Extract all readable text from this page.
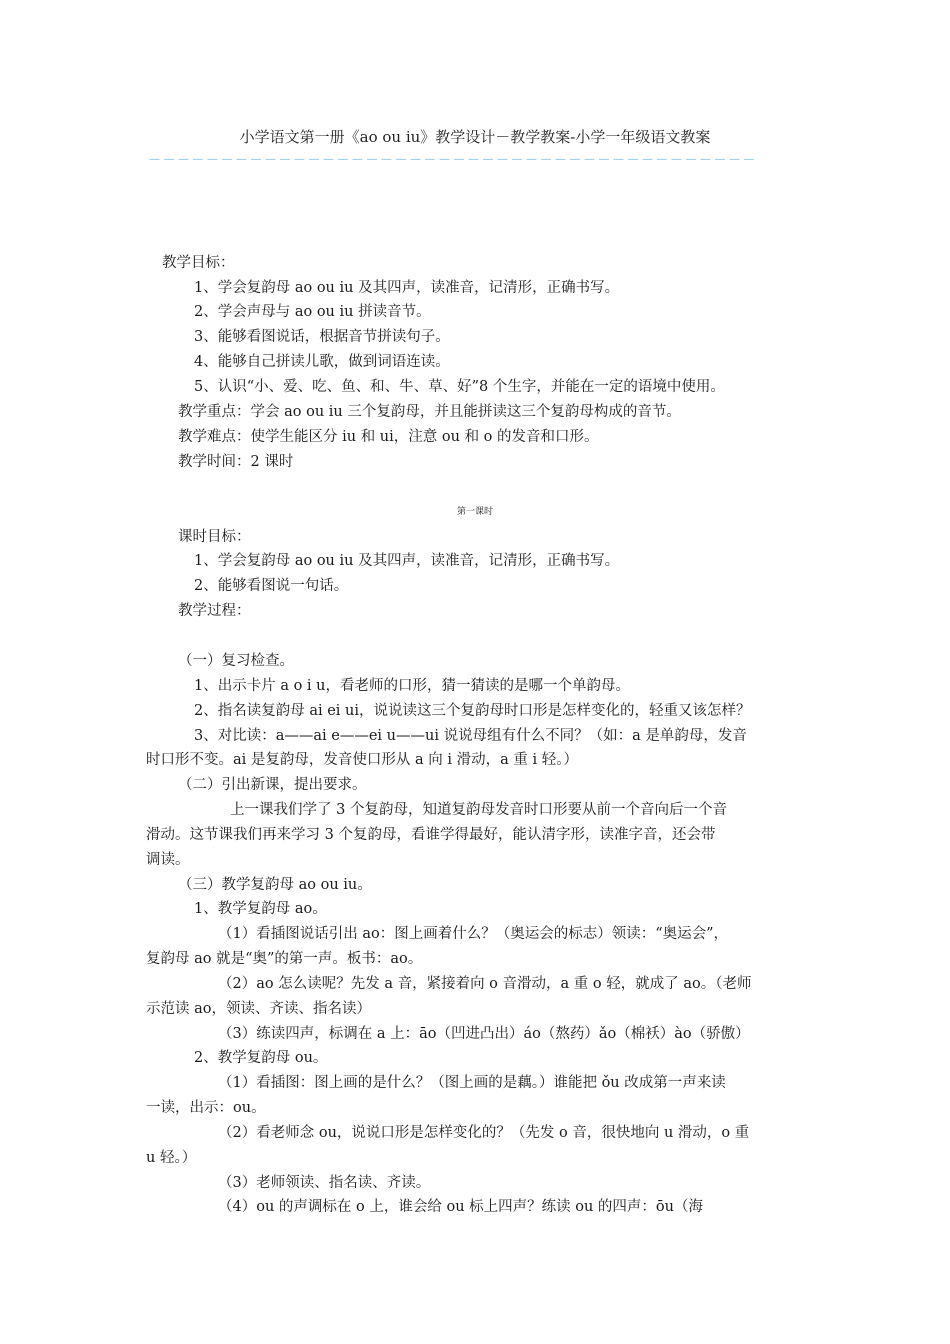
小学语文第一册《ao ou iu》教学设计－教学教案-小学一年级语文教案
－－－－－－－－－－－－－－－－－－－－－－－－－－－－－－－－－－－－－－－－－－
教学目标：
1、学会复韵母 ao ou iu 及其四声，读准音，记清形，正确书写。
2、学会声母与 ao ou iu 拼读音节。
3、能够看图说话，根据音节拼读句子。
4、能够自己拼读儿歌，做到词语连读。
5、认识“小、爱、吃、鱼、和、牛、草、好”8 个生字，并能在一定的语境中使用。
教学重点：学会 ao ou iu 三个复韵母，并且能拼读这三个复韵母构成的音节。
教学难点：使学生能区分 iu 和 ui，注意 ou 和 o 的发音和口形。
教学时间：2 课时
第一课时
课时目标：
1、学会复韵母 ao ou iu 及其四声，读准音，记清形，正确书写。
2、能够看图说一句话。
教学过程：
（一）复习检查。
1、出示卡片 a o i u，看老师的口形，猜一猜读的是哪一个单韵母。
2、指名读复韵母 ai ei ui，说说读这三个复韵母时口形是怎样变化的，轻重又该怎样？
3、对比读：a——ai e——ei u——ui 说说母组有什么不同？（如：a 是单韵母，发音
时口形不变。ai 是复韵母，发音使口形从 a 向 i 滑动，a 重 i 轻。）
（二）引出新课，提出要求。
上一课我们学了 3 个复韵母，知道复韵母发音时口形要从前一个音向后一个音
滑动。这节课我们再来学习 3 个复韵母，看谁学得最好，能认清字形，读准字音，还会带
调读。
（三）教学复韵母 ao ou iu。
1、教学复韵母 ao。
（1）看插图说话引出 ao：图上画着什么？（奥运会的标志）领读：“奥运会”，
复韵母 ao 就是“奥”的第一声。板书：ao。
（2）ao 怎么读呢？先发 a 音，紧接着向 o 音滑动，a 重 o 轻，就成了 ao。（老师
示范读 ao，领读、齐读、指名读）
（3）练读四声，标调在 a 上：āo（凹进凸出）áo（熬药）ǎo（棉袄）ào（骄傲）
2、教学复韵母 ou。
（1）看插图：图上画的是什么？（图上画的是藕。）谁能把 ǒu 改成第一声来读
一读，出示：ou。
（2）看老师念 ou，说说口形是怎样变化的？（先发 o 音，很快地向 u 滑动，o 重
u 轻。）
（3）老师领读、指名读、齐读。
（4）ou 的声调标在 o 上，谁会给 ou 标上四声？练读 ou 的四声：ōu（海
